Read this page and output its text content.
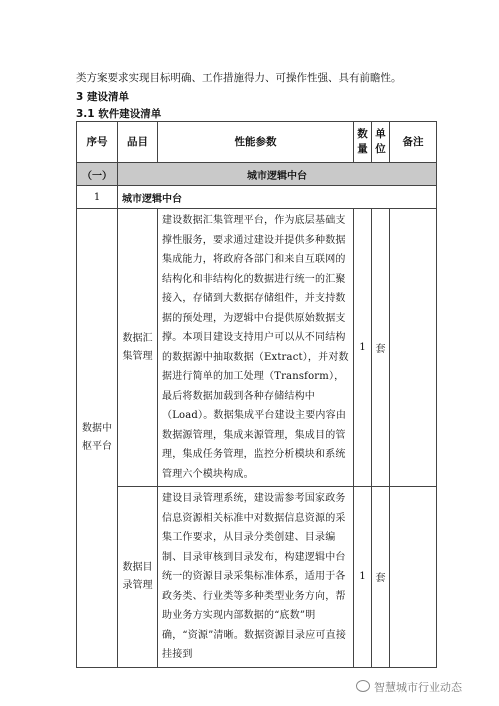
类方案要求实现目标明确、工作措施得力、可操作性强、具有前瞻性。
3 建设清单
3.1 软件建设清单
序号	品目	性能参数	数量	单位	备注
（一）	城市逻辑中台				
1	城市逻辑中台				
数据中枢平台	数据汇集管理	建设数据汇集管理平台，作为底层基础支撑性服务，要求通过建设并提供多种数据集成能力，将政府各部门和来自互联网的结构化和非结构化的数据进行统一的汇聚接入，存储到大数据存储组件，并支持数据的预处理，为逻辑中台提供原始数据支撑。本项目建设支持用户可以从不同结构的数据源中抽取数据（Extract），并对数据进行简单的加工处理（Transform），最后将数据加载到各种存储结构中（Load）。数据集成平台建设主要内容由数据源管理，集成来源管理，集成目的管理，集成任务管理，监控分析模块和系统管理六个模块构成。	1	套	
	数据目录管理	建设目录管理系统，建设需参考国家政务信息资源相关标准中对数据信息资源的采集工作要求，从目录分类创建、目录编制、目录审核到目录发布，构建逻辑中台统一的资源目录采集标准体系，适用于各政务类、行业类等多种类型业务方向，帮助业务方实现内部数据的“底数”明确，“资源”清晰。数据资源目录应可直接挂接到	1	套	
智慧城市行业动态
